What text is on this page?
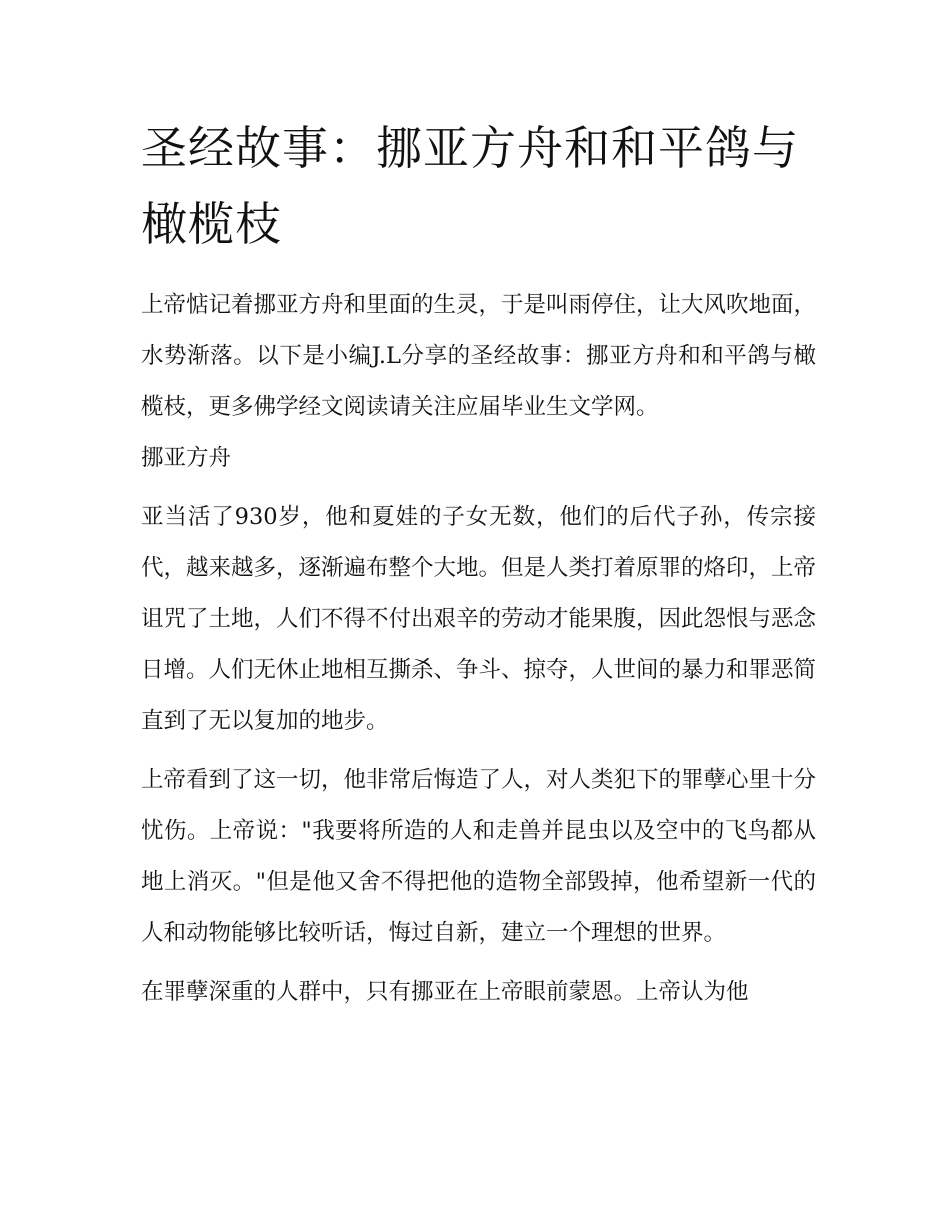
圣经故事：挪亚方舟和和平鸽与橄榄枝

上帝惦记着挪亚方舟和里面的生灵，于是叫雨停住，让大风吹地面，水势渐落。以下是小编J.L分享的圣经故事：挪亚方舟和和平鸽与橄榄枝，更多佛学经文阅读请关注应届毕业生文学网。

挪亚方舟

亚当活了930岁，他和夏娃的子女无数，他们的后代子孙，传宗接代，越来越多，逐渐遍布整个大地。但是人类打着原罪的烙印，上帝诅咒了土地，人们不得不付出艰辛的劳动才能果腹，因此怨恨与恶念日增。人们无休止地相互撕杀、争斗、掠夺，人世间的暴力和罪恶简直到了无以复加的地步。

上帝看到了这一切，他非常后悔造了人，对人类犯下的罪孽心里十分忧伤。上帝说："我要将所造的人和走兽并昆虫以及空中的飞鸟都从地上消灭。"但是他又舍不得把他的造物全部毁掉，他希望新一代的人和动物能够比较听话，悔过自新，建立一个理想的世界。

在罪孽深重的人群中，只有挪亚在上帝眼前蒙恩。上帝认为他
